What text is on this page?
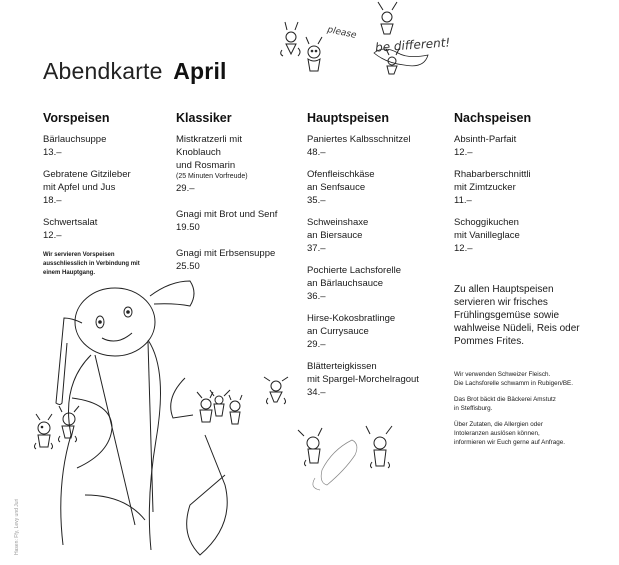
Abendkarte April
please
be different!
Vorspeisen
Bärlauchsuppe
13.–
Gebratene Gitzileber
mit Apfel und Jus
18.–
Schwertsalat
12.–
Wir servieren Vorspeisen
ausschliesslich in Verbindung mit
einem Hauptgang.
Klassiker
Mistkratzerli mit
Knoblauch
und Rosmarin
(25 Minuten Vorfreude)
29.–
Gnagi mit Brot und Senf
19.50
Gnagi mit Erbsensuppe
25.50
Hauptspeisen
Paniertes Kalbsschnitzel
48.–
Ofenfleischkäse
an Senfsauce
35.–
Schweinshaxe
an Biersauce
37.–
Pochierte Lachsforelle
an Bärlauchsauce
36.–
Hirse-Kokosbratlinge
an Currysauce
29.–
Blätterteigkissen
mit Spargel-Morchelragout
34.–
Nachspeisen
Absinth-Parfait
12.–
Rhabarberschnittli
mit Zimtzucker
11.–
Schoggikuchen
mit Vanilleglace
12.–
Zu allen Hauptspeisen
servieren wir frisches
Frühlingsgemüse sowie
wahlweise Nüdeli, Reis oder
Pommes Frites.

Wir verwenden Schweizer Fleisch.
Die Lachsforelle schwamm in Rubigen/BE.

Das Brot bäckt die Bäckerei Amstutz
in Steffisburg.

Über Zutaten, die Allergien oder
Intoleranzen auslösen können,
informieren wir Euch gerne auf Anfrage.

Hasen: Ffy, Levy und Juri
